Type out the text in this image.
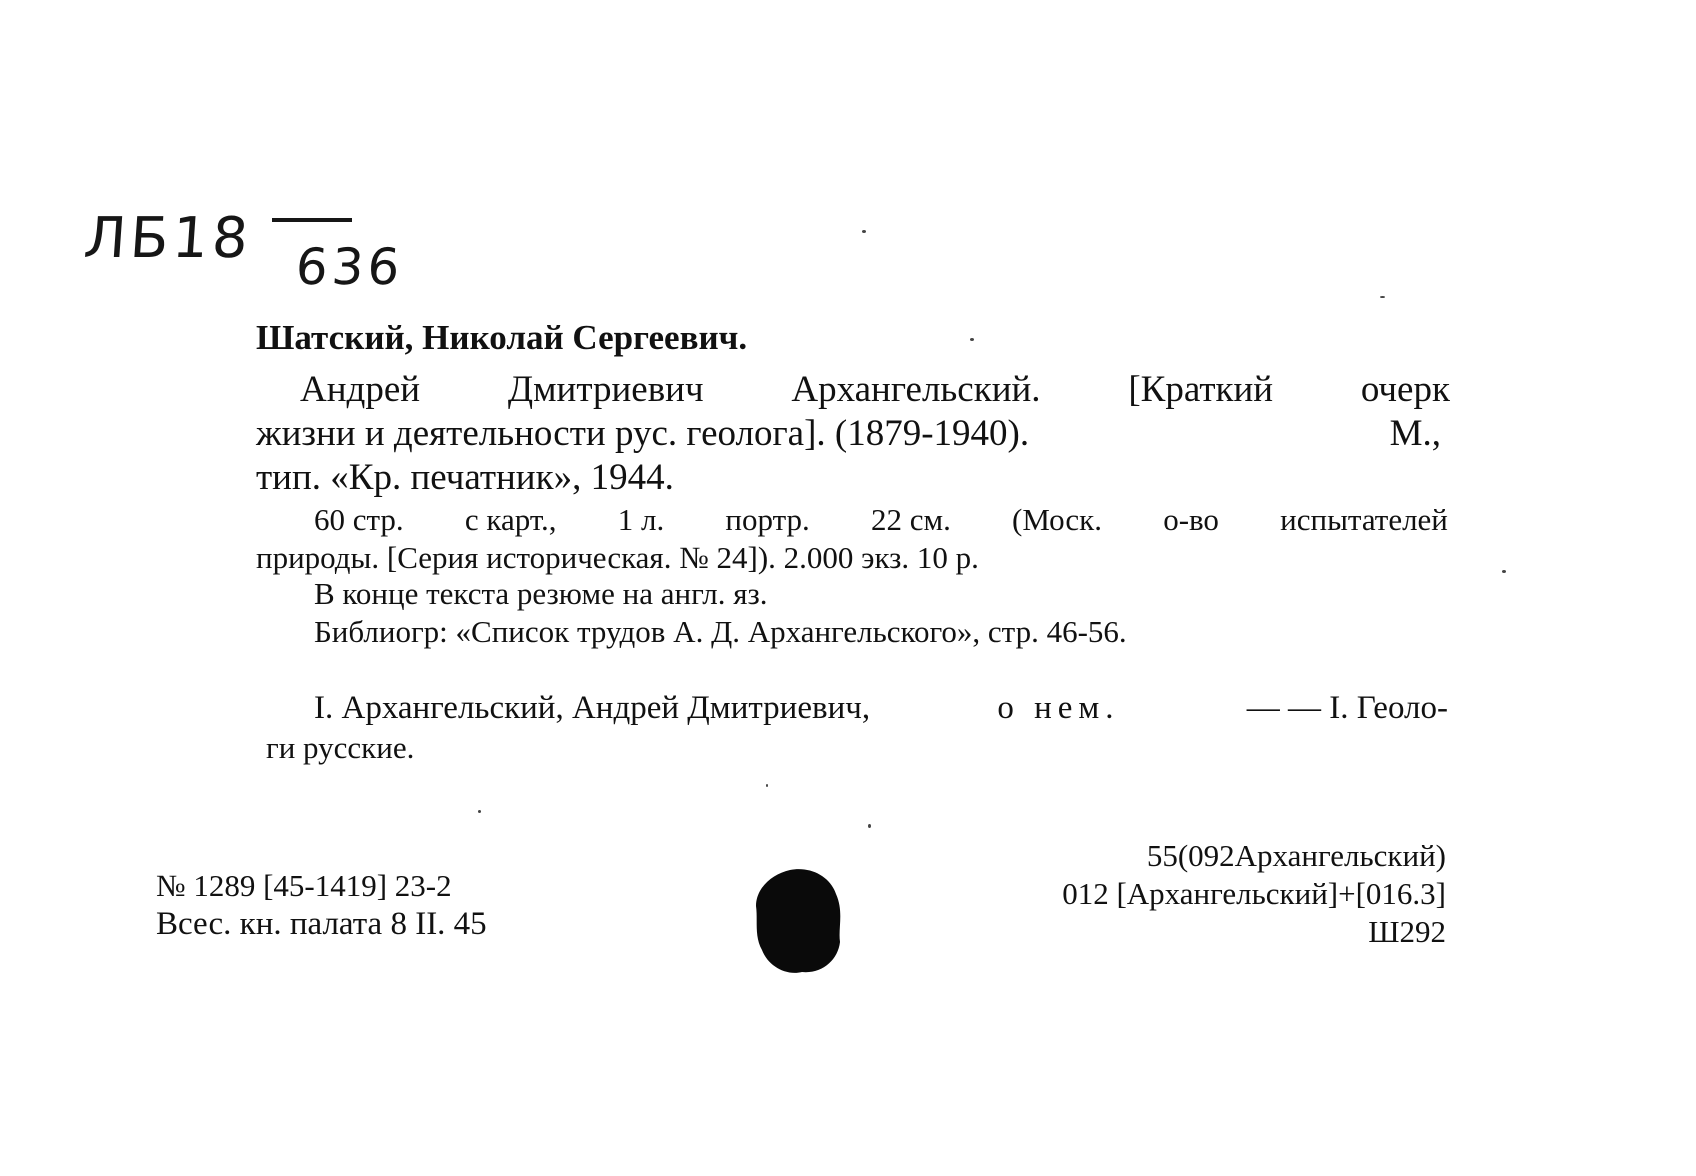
ЛБ18 636
Шатский, Николай Сергеевич.
Андрей Дмитриевич Архангельский. [Краткий очерк
жизни и деятельности рус. геолога]. (1879-1940).	М.,
тип. «Кр. печатник», 1944.
60 стр. с карт., 1 л. портр. 22 см. (Моск. о-во испытателей
природы. [Серия историческая. № 24]). 2.000 экз. 10 р.
В конце текста резюме на англ. яз.
Библиогр: «Список трудов А. Д. Архангельского», стр. 46-56.
I. Архангельский, Андрей Дмитриевич,	о нем.	— — I. Геоло-
ги русские.
№ 1289 [45-1419] 23-2
Всес. кн. палата 8 II. 45
55(092Архангельский)
012 [Архангельский]+[016.3]
Ш292
